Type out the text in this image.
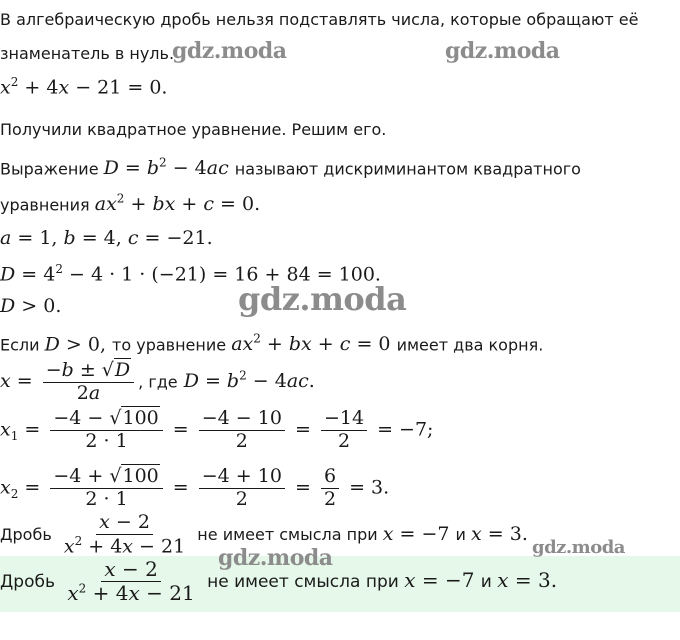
В алгебраическую дробь нельзя подставлять числа, которые обращают её
знаменатель в нуль.
$x^2 + 4x - 21 = 0$.
Получили квадратное уравнение. Решим его.
Выражение $D = b^2 - 4ac$ называют дискриминантом квадратного
уравнения $ax^2$ + bx + c = 0.
a = 1, b = 4, c = −21.
$D = 4^2 - 4 \cdot 1 \cdot (-21) = 16 + 84 = 100$.
D > 0.
Если D > 0, то уравнение $ax^2$ + bx + c = 0 имеет два корня.
$x = \frac{-b \pm √D}{2a}$ , где $D = b^2 - 4ac$.
$x_1 = \frac{-4 - √100}{2 \cdot 1} = \frac{-4 - 10}{2} = \frac{-14}{2} = -7$;
$x_2 = \frac{-4 + √100}{2 \cdot 1} = \frac{-4 + 10}{2} = \frac{6}{2} = 3$.
Дробь $\frac{x - 2}{x^2 + 4x - 21}$ не имеет смысла при x = −7 и x = 3.
Дробь $\frac{x - 2}{x^2 + 4x - 21}$ не имеет смысла при x = −7 и x = 3.
gdz.moda	gdz.moda
gdz.moda
gdz.moda	gdz.moda
